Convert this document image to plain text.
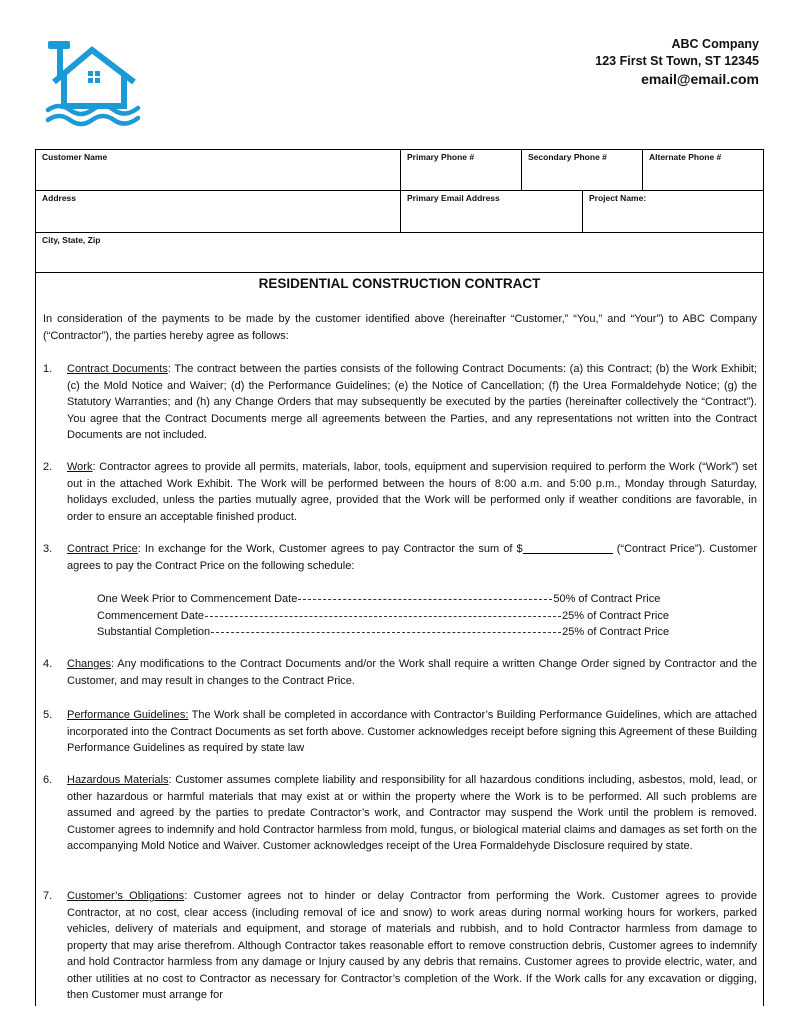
ABC Company
123 First St Town, ST 12345
email@email.com
Customer Name	Primary Phone #	Secondary Phone #	Alternate Phone #
Address	Primary Email Address	Project Name:
City, State, Zip
RESIDENTIAL CONSTRUCTION CONTRACT
In consideration of the payments to be made by the customer identified above (hereinafter “Customer,” “You,” and “Your”) to ABC Company (“Contractor”), the parties hereby agree as follows:
1. Contract Documents: The contract between the parties consists of the following Contract Documents: (a) this Contract; (b) the Work Exhibit; (c) the Mold Notice and Waiver; (d) the Performance Guidelines; (e) the Notice of Cancellation; (f) the Urea Formaldehyde Notice; (g) the Statutory Warranties; and (h) any Change Orders that may subsequently be executed by the parties (hereinafter collectively the “Contract”). You agree that the Contract Documents merge all agreements between the Parties, and any representations not written into the Contract Documents are not included.
2. Work: Contractor agrees to provide all permits, materials, labor, tools, equipment and supervision required to perform the Work (“Work”) set out in the attached Work Exhibit. The Work will be performed between the hours of 8:00 a.m. and 5:00 p.m., Monday through Saturday, holidays excluded, unless the parties mutually agree, provided that the Work will be performed only if weather conditions are favorable, in order to ensure an acceptable finished product.
3. Contract Price: In exchange for the Work, Customer agrees to pay Contractor the sum of $	(“Contract Price”). Customer agrees to pay the Contract Price on the following schedule:
One Week Prior to Commencement Date	50% of Contract Price
Commencement Date	25% of Contract Price
Substantial Completion	25% of Contract Price
4. Changes: Any modifications to the Contract Documents and/or the Work shall require a written Change Order signed by Contractor and the Customer, and may result in changes to the Contract Price.
5. Performance Guidelines: The Work shall be completed in accordance with Contractor’s Building Performance Guidelines, which are attached incorporated into the Contract Documents as set forth above. Customer acknowledges receipt before signing this Agreement of these Building Performance Guidelines as required by state law
6. Hazardous Materials: Customer assumes complete liability and responsibility for all hazardous conditions including, asbestos, mold, lead, or other hazardous or harmful materials that may exist at or within the property where the Work is to be performed. All such problems are assumed and agreed by the parties to predate Contractor’s work, and Contractor may suspend the Work until the problem is removed. Customer agrees to indemnify and hold Contractor harmless from mold, fungus, or biological material claims and damages as set forth on the accompanying Mold Notice and Waiver. Customer acknowledges receipt of the Urea Formaldehyde Disclosure required by state.
7. Customer’s Obligations: Customer agrees not to hinder or delay Contractor from performing the Work. Customer agrees to provide Contractor, at no cost, clear access (including removal of ice and snow) to work areas during normal working hours for workers, parked vehicles, delivery of materials and equipment, and storage of materials and rubbish, and to hold Contractor harmless from damage to property that may arise therefrom. Although Contractor takes reasonable effort to remove construction debris, Customer agrees to indemnify and hold Contractor harmless from any damage or Injury caused by any debris that remains. Customer agrees to provide electric, water, and other utilities at no cost to Contractor as necessary for Contractor’s completion of the Work. If the Work calls for any excavation or digging, then Customer must arrange for
